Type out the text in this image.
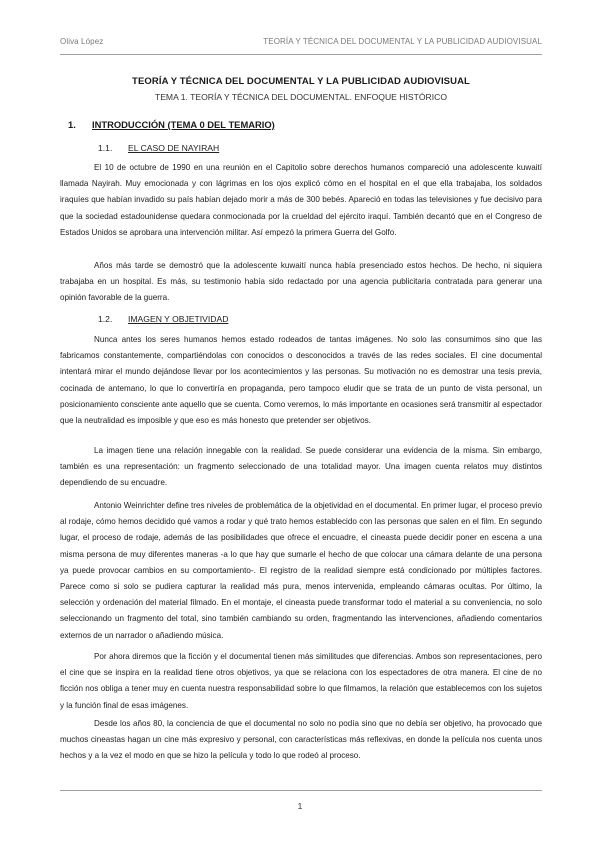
Oliva López	TEORÍA Y TÉCNICA DEL DOCUMENTAL Y LA PUBLICIDAD AUDIOVISUAL
TEORÍA Y TÉCNICA DEL DOCUMENTAL Y LA PUBLICIDAD AUDIOVISUAL
TEMA 1. TEORÍA Y TÉCNICA DEL DOCUMENTAL. ENFOQUE HISTÓRICO
1. INTRODUCCIÓN (TEMA 0 DEL TEMARIO)
1.1. EL CASO DE NAYIRAH

El 10 de octubre de 1990 en una reunión en el Capitolio sobre derechos humanos compareció una adolescente kuwaití llamada Nayirah. Muy emocionada y con lágrimas en los ojos explicó cómo en el hospital en el que ella trabajaba, los soldados iraquíes que habían invadido su país habían dejado morir a más de 300 bebés. Apareció en todas las televisiones y fue decisivo para que la sociedad estadounidense quedara conmocionada por la crueldad del ejército iraquí. También decantó que en el Congreso de Estados Unidos se aprobara una intervención militar. Así empezó la primera Guerra del Golfo.

Años más tarde se demostró que la adolescente kuwaití nunca había presenciado estos hechos. De hecho, ni siquiera trabajaba en un hospital. Es más, su testimonio había sido redactado por una agencia publicitaria contratada para generar una opinión favorable de la guerra.

1.2. IMAGEN Y OBJETIVIDAD

Nunca antes los seres humanos hemos estado rodeados de tantas imágenes. No solo las consumimos sino que las fabricamos constantemente, compartiéndolas con conocidos o desconocidos a través de las redes sociales. El cine documental intentará mirar el mundo dejándose llevar por los acontecimientos y las personas. Su motivación no es demostrar una tesis previa, cocinada de antemano, lo que lo convertiría en propaganda, pero tampoco eludir que se trata de un punto de vista personal, un posicionamiento consciente ante aquello que se cuenta. Como veremos, lo más importante en ocasiones será transmitir al espectador que la neutralidad es imposible y que eso es más honesto que pretender ser objetivos.

La imagen tiene una relación innegable con la realidad. Se puede considerar una evidencia de la misma. Sin embargo, también es una representación: un fragmento seleccionado de una totalidad mayor. Una imagen cuenta relatos muy distintos dependiendo de su encuadre.

Antonio Weinrichter define tres niveles de problemática de la objetividad en el documental. En primer lugar, el proceso previo al rodaje, cómo hemos decidido qué vamos a rodar y qué trato hemos establecido con las personas que salen en el film. En segundo lugar, el proceso de rodaje, además de las posibilidades que ofrece el encuadre, el cineasta puede decidir poner en escena a una misma persona de muy diferentes maneras -a lo que hay que sumarle el hecho de que colocar una cámara delante de una persona ya puede provocar cambios en su comportamiento-. El registro de la realidad siempre está condicionado por múltiples factores. Parece como si solo se pudiera capturar la realidad más pura, menos intervenida, empleando cámaras ocultas. Por último, la selección y ordenación del material filmado. En el montaje, el cineasta puede transformar todo el material a su conveniencia, no solo seleccionando un fragmento del total, sino también cambiando su orden, fragmentando las intervenciones, añadiendo comentarios externos de un narrador o añadiendo música.

Por ahora diremos que la ficción y el documental tienen más similitudes que diferencias. Ambos son representaciones, pero el cine que se inspira en la realidad tiene otros objetivos, ya que se relaciona con los espectadores de otra manera. El cine de no ficción nos obliga a tener muy en cuenta nuestra responsabilidad sobre lo que filmamos, la relación que establecemos con los sujetos y la función final de esas imágenes.

Desde los años 80, la conciencia de que el documental no solo no podía sino que no debía ser objetivo, ha provocado que muchos cineastas hagan un cine más expresivo y personal, con características más reflexivas, en donde la película nos cuenta unos hechos y a la vez el modo en que se hizo la película y todo lo que rodeó al proceso.

1
